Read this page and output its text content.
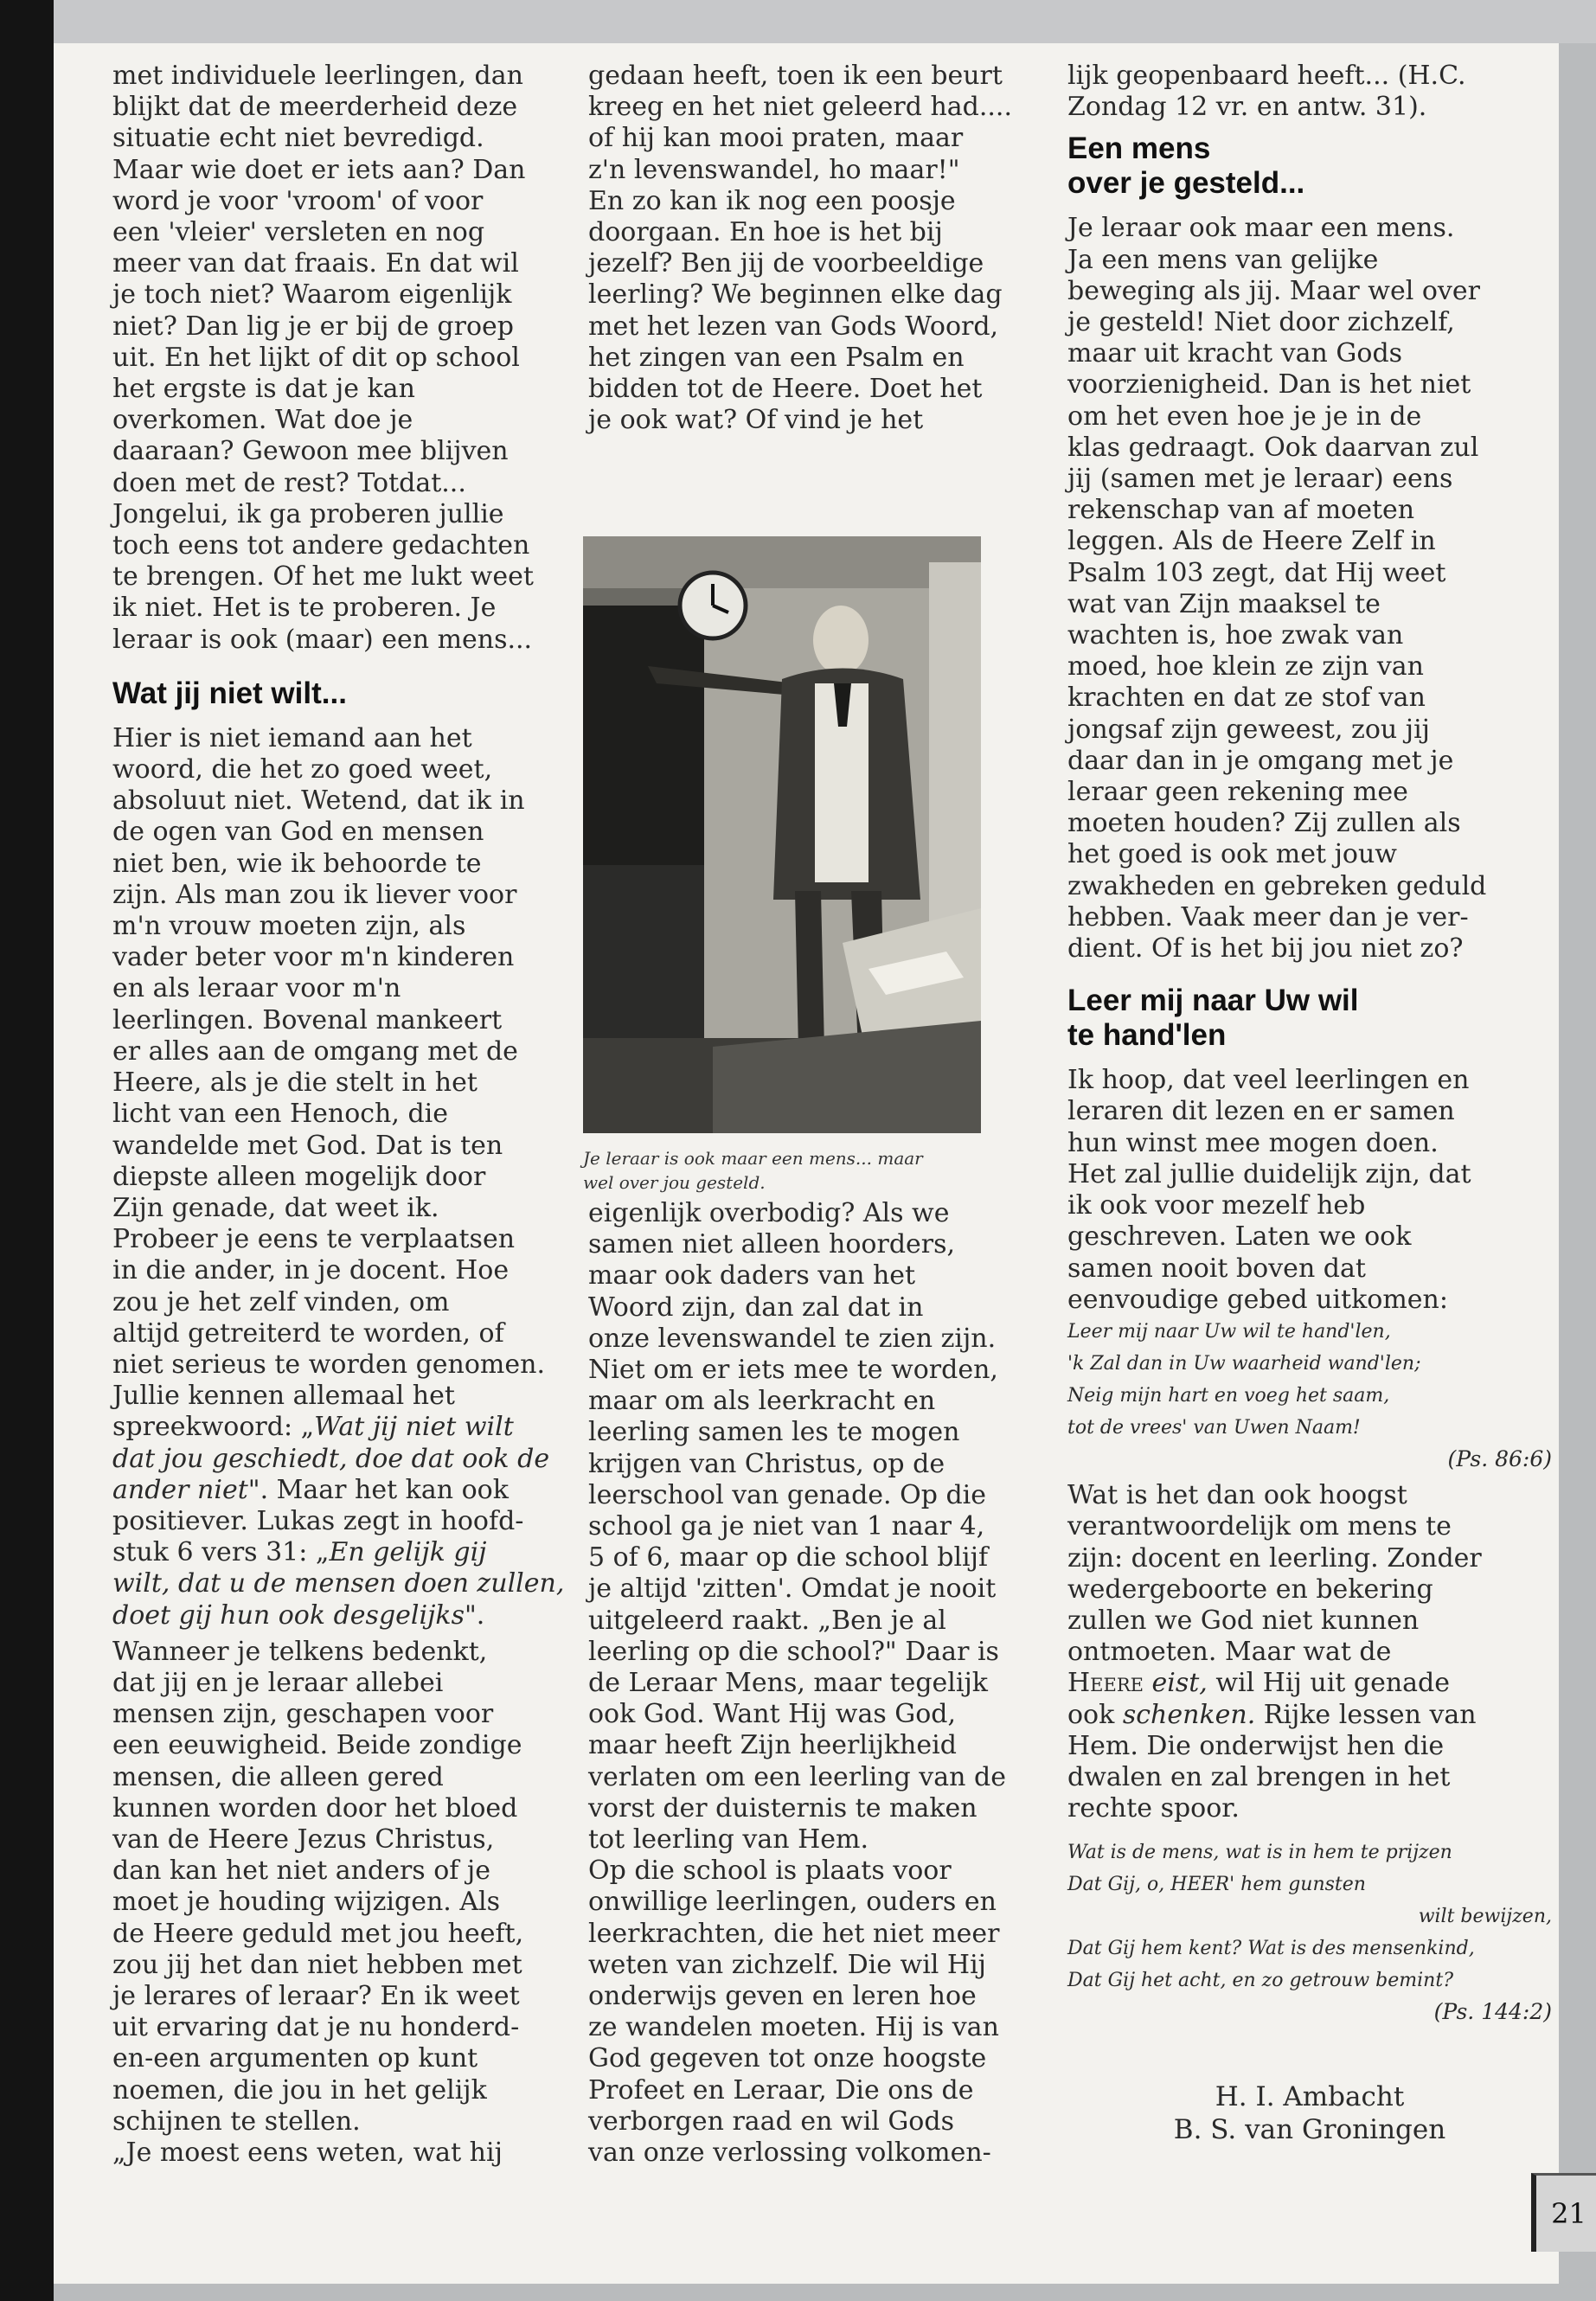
met individuele leerlingen, dan
blijkt dat de meerderheid deze
situatie echt niet bevredigd.
Maar wie doet er iets aan? Dan
word je voor 'vroom' of voor
een 'vleier' versleten en nog
meer van dat fraais. En dat wil
je toch niet? Waarom eigenlijk
niet? Dan lig je er bij de groep
uit. En het lijkt of dit op school
het ergste is dat je kan
overkomen. Wat doe je
daaraan? Gewoon mee blijven
doen met de rest? Totdat...
Jongelui, ik ga proberen jullie
toch eens tot andere gedachten
te brengen. Of het me lukt weet
ik niet. Het is te proberen. Je
leraar is ook (maar) een mens...

Wat jij niet wilt...

Hier is niet iemand aan het
woord, die het zo goed weet,
absoluut niet. Wetend, dat ik in
de ogen van God en mensen
niet ben, wie ik behoorde te
zijn. Als man zou ik liever voor
m'n vrouw moeten zijn, als
vader beter voor m'n kinderen
en als leraar voor m'n
leerlingen. Bovenal mankeert
er alles aan de omgang met de
Heere, als je die stelt in het
licht van een Henoch, die
wandelde met God. Dat is ten
diepste alleen mogelijk door
Zijn genade, dat weet ik.
Probeer je eens te verplaatsen
in die ander, in je docent. Hoe
zou je het zelf vinden, om
altijd getreiterd te worden, of
niet serieus te worden genomen.
Jullie kennen allemaal het
spreekwoord: „Wat jij niet wilt
dat jou geschiedt, doe dat ook de
ander niet". Maar het kan ook
positiever. Lukas zegt in hoofd-
stuk 6 vers 31: „En gelijk gij
wilt, dat u de mensen doen zullen,
doet gij hun ook desgelijks".

Wanneer je telkens bedenkt,
dat jij en je leraar allebei
mensen zijn, geschapen voor
een eeuwigheid. Beide zondige
mensen, die alleen gered
kunnen worden door het bloed
van de Heere Jezus Christus,
dan kan het niet anders of je
moet je houding wijzigen. Als
de Heere geduld met jou heeft,
zou jij het dan niet hebben met
je lerares of leraar? En ik weet
uit ervaring dat je nu honderd-
en-een argumenten op kunt
noemen, die jou in het gelijk
schijnen te stellen.
„Je moest eens weten, wat hij

gedaan heeft, toen ik een beurt
kreeg en het niet geleerd had....
of hij kan mooi praten, maar
z'n levenswandel, ho maar!"
En zo kan ik nog een poosje
doorgaan. En hoe is het bij
jezelf? Ben jij de voorbeeldige
leerling? We beginnen elke dag
met het lezen van Gods Woord,
het zingen van een Psalm en
bidden tot de Heere. Doet het
je ook wat? Of vind je het

Je leraar is ook maar een mens... maar
wel over jou gesteld.

eigenlijk overbodig? Als we
samen niet alleen hoorders,
maar ook daders van het
Woord zijn, dan zal dat in
onze levenswandel te zien zijn.
Niet om er iets mee te worden,
maar om als leerkracht en
leerling samen les te mogen
krijgen van Christus, op de
leerschool van genade. Op die
school ga je niet van 1 naar 4,
5 of 6, maar op die school blijf
je altijd 'zitten'. Omdat je nooit
uitgeleerd raakt. „Ben je al
leerling op die school?" Daar is
de Leraar Mens, maar tegelijk
ook God. Want Hij was God,
maar heeft Zijn heerlijkheid
verlaten om een leerling van de
vorst der duisternis te maken
tot leerling van Hem.
Op die school is plaats voor
onwillige leerlingen, ouders en
leerkrachten, die het niet meer
weten van zichzelf. Die wil Hij
onderwijs geven en leren hoe
ze wandelen moeten. Hij is van
God gegeven tot onze hoogste
Profeet en Leraar, Die ons de
verborgen raad en wil Gods
van onze verlossing volkomen-

lijk geopenbaard heeft... (H.C.
Zondag 12 vr. en antw. 31).

Een mens
over je gesteld...

Je leraar ook maar een mens.
Ja een mens van gelijke
beweging als jij. Maar wel over
je gesteld! Niet door zichzelf,
maar uit kracht van Gods
voorzienigheid. Dan is het niet
om het even hoe je je in de
klas gedraagt. Ook daarvan zul
jij (samen met je leraar) eens
rekenschap van af moeten
leggen. Als de Heere Zelf in
Psalm 103 zegt, dat Hij weet
wat van Zijn maaksel te
wachten is, hoe zwak van
moed, hoe klein ze zijn van
krachten en dat ze stof van
jongsaf zijn geweest, zou jij
daar dan in je omgang met je
leraar geen rekening mee
moeten houden? Zij zullen als
het goed is ook met jouw
zwakheden en gebreken geduld
hebben. Vaak meer dan je ver-
dient. Of is het bij jou niet zo?

Leer mij naar Uw wil
te hand'len

Ik hoop, dat veel leerlingen en
leraren dit lezen en er samen
hun winst mee mogen doen.
Het zal jullie duidelijk zijn, dat
ik ook voor mezelf heb
geschreven. Laten we ook
samen nooit boven dat
eenvoudige gebed uitkomen:

Leer mij naar Uw wil te hand'len,
'k Zal dan in Uw waarheid wand'len;
Neig mijn hart en voeg het saam,
tot de vrees' van Uwen Naam!
(Ps. 86:6)

Wat is het dan ook hoogst
verantwoordelijk om mens te
zijn: docent en leerling. Zonder
wedergeboorte en bekering
zullen we God niet kunnen
ontmoeten. Maar wat de
Heere eist, wil Hij uit genade
ook schenken. Rijke lessen van
Hem. Die onderwijst hen die
dwalen en zal brengen in het
rechte spoor.

Wat is de mens, wat is in hem te prijzen
Dat Gij, o, HEER' hem gunsten
wilt bewijzen,
Dat Gij hem kent? Wat is des mensenkind,
Dat Gij het acht, en zo getrouw bemint?
(Ps. 144:2)
H. I. Ambacht
B. S. van Groningen
21
